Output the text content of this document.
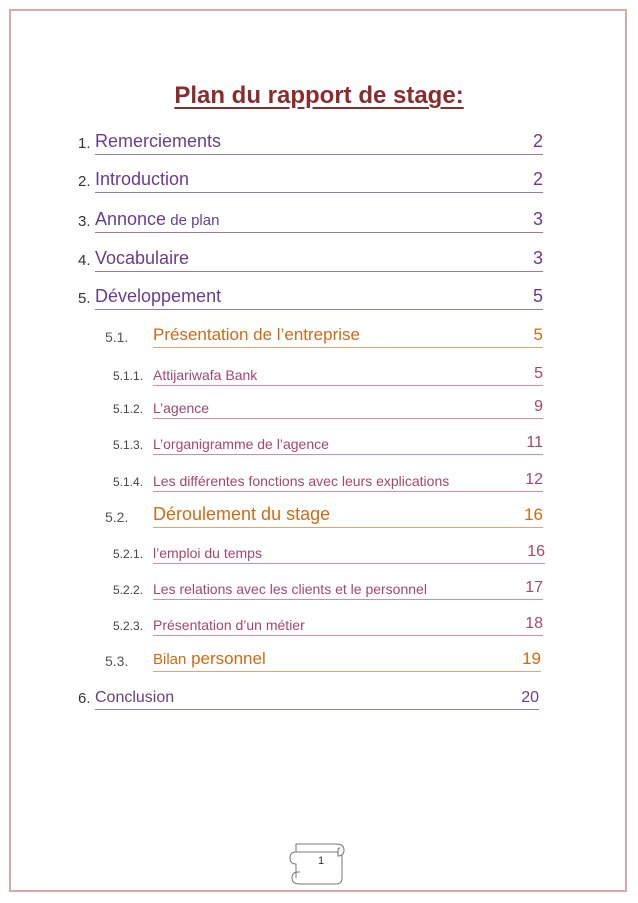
Plan du rapport de stage:
1. Remerciements	2
2. Introduction	2
3. Annonce de plan	3
4. Vocabulaire	3
5. Développement	5
5.1. Présentation de l’entreprise	5
5.1.1. Attijariwafa Bank	5
5.1.2. L’agence	9
5.1.3. L’organigramme de l’agence	11
5.1.4. Les différentes fonctions avec leurs explications	12
5.2. Déroulement du stage	16
5.2.1. l’emploi du temps	16
5.2.2. Les relations avec les clients et le personnel	17
5.2.3. Présentation d’un métier	18
5.3. Bilan personnel	19
6. Conclusion	20
1
